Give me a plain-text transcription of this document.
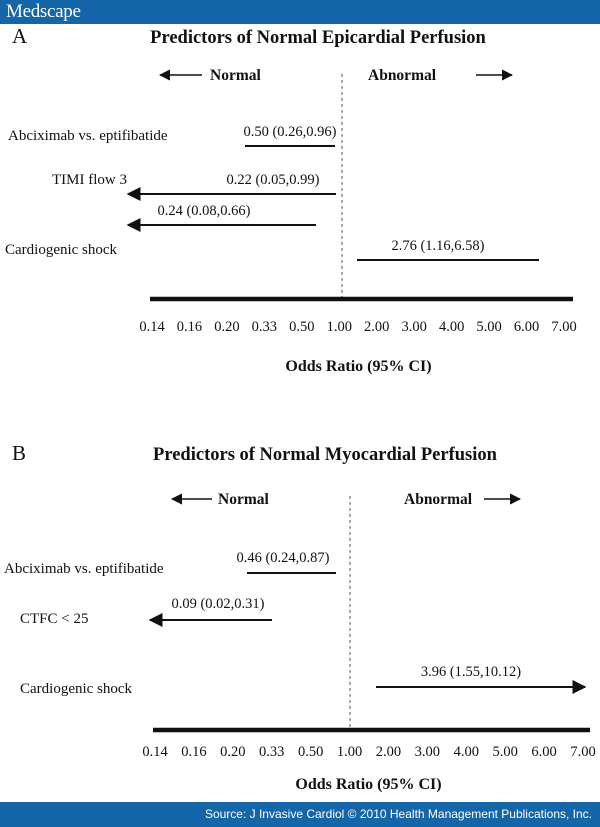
Medscape
A	Predictors of Normal Epicardial Perfusion
Normal	Abnormal
Abciximab vs. eptifibatide	0.50 (0.26,0.96)
TIMI flow 3	0.22 (0.05,0.99)
0.24 (0.08,0.66)
Cardiogenic shock	2.76 (1.16,6.58)
0.14 0.16 0.20 0.33 0.50 1.00 2.00 3.00 4.00 5.00 6.00 7.00
Odds Ratio (95% CI)
B	Predictors of Normal Myocardial Perfusion
Normal	Abnormal
Abciximab vs. eptifibatide
0.46 (0.24,0.87)
CTFC < 25
0.09 (0.02,0.31)
Cardiogenic shock
3.96 (1.55,10.12)
0.14 0.16 0.20 0.33 0.50 1.00 2.00 3.00 4.00 5.00 6.00 7.00
Odds Ratio (95% CI)
Source: J Invasive Cardiol © 2010 Health Management Publications, Inc.
